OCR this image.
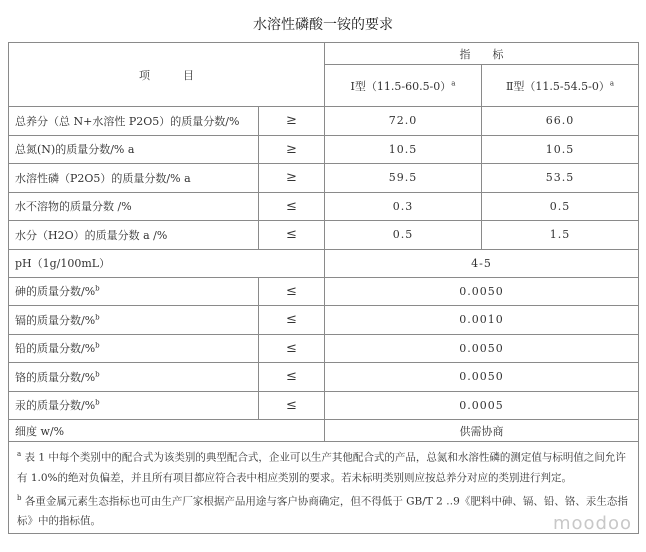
水溶性磷酸一铵的要求
项　　　目		指　　标	
		Ⅰ型$(11.5-60.5-0)^a$	Ⅱ型$(11.5-54.5-0)^a$
总养分（总 N+水溶性 P2O5）的质量分数/%	≥	72.0	66.0
总氮(N)的质量分数/% a	≥	10.5	10.5
水溶性磷（P2O5）的质量分数/% a	≥	59.5	53.5
水不溶物的质量分数 /%	≤	0.3	0.5
水分（H2O）的质量分数 a /%	≤	0.5	1.5
pH（1g/100mL）		4-5	
砷的质量分数/%$^b$	≤	0.0050	
镉的质量分数/%$^b$	≤	0.0010	
铅的质量分数/%$^b$	≤	0.0050	
铬的质量分数/%$^b$	≤	0.0050	
汞的质量分数/%$^b$	≤	0.0005	
细度 w/%		供需协商	

$^a$ 表 1 中每个类别中的配合式为该类别的典型配合式，企业可以生产其他配合式的产品，总氮和水溶性磷的测定值与标明值之间允许有 1.0%的绝对负偏差，并且所有项目都应符合表中相应类别的要求。若未标明类别则应按总养分对应的类别进行判定。

$^b$ 各重金属元素生态指标也可由生产厂家根据产品用途与客户协商确定，但不得低于 GB/T 2 ‥9《肥料中砷、镉、铅、铬、汞生态指标》中的指标值。				moodoo
